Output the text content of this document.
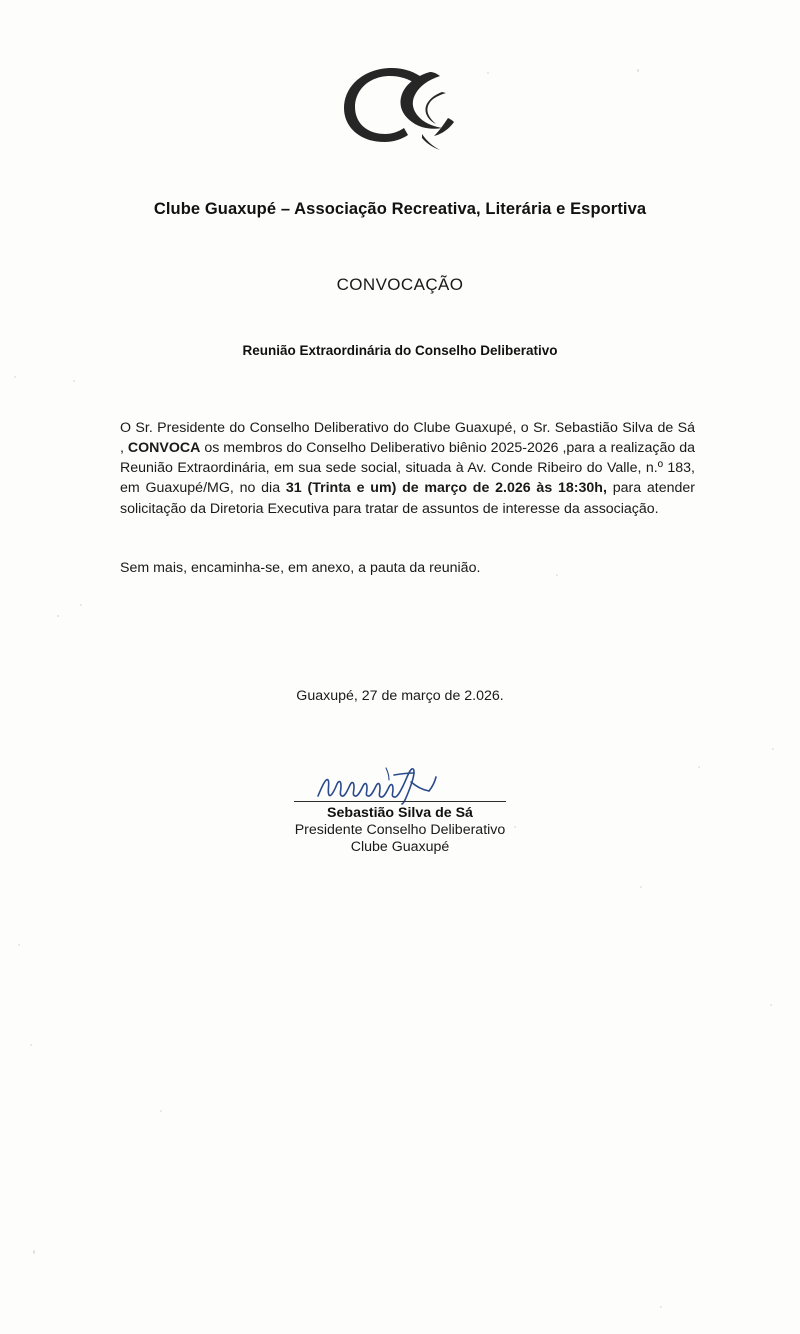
Clube Guaxupé – Associação Recreativa, Literária e Esportiva
CONVOCAÇÃO
Reunião Extraordinária do Conselho Deliberativo
O Sr. Presidente do Conselho Deliberativo do Clube Guaxupé, o Sr. Sebastião Silva de Sá , CONVOCA os membros do Conselho Deliberativo biênio 2025-2026 ,para a realização da Reunião Extraordinária, em sua sede social, situada à Av. Conde Ribeiro do Valle, n.º 183, em Guaxupé/MG, no dia 31 (Trinta e um) de março de 2.026 às 18:30h, para atender solicitação da Diretoria Executiva para tratar de assuntos de interesse da associação.
Sem mais, encaminha-se, em anexo, a pauta da reunião.
Guaxupé, 27 de março de 2.026.
Sebastião Silva de Sá
Presidente Conselho Deliberativo
Clube Guaxupé
